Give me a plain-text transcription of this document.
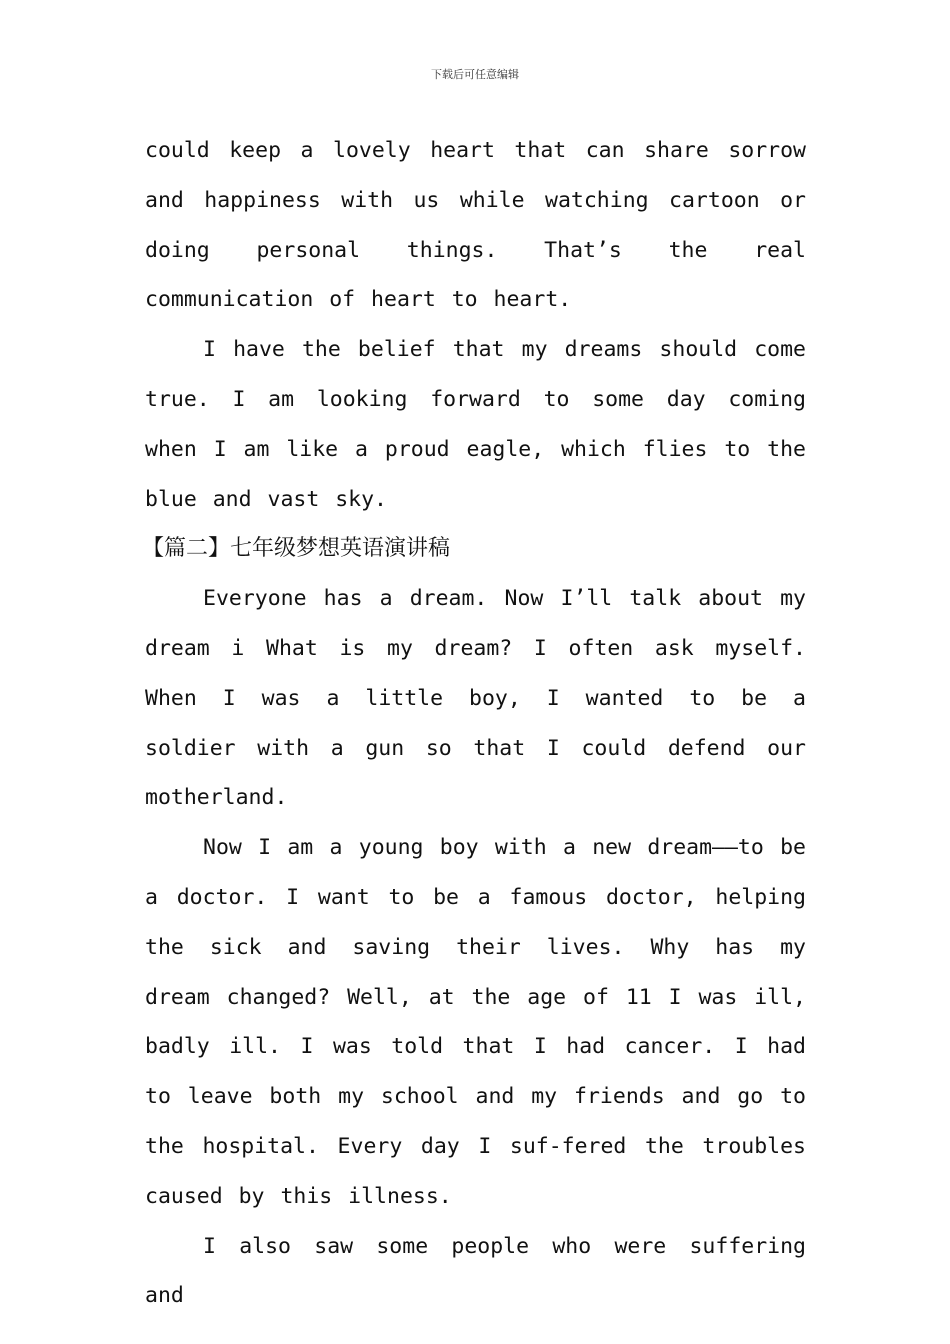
下载后可任意编辑

could keep a lovely heart that can share sorrow and happiness with us while watching cartoon or doing personal things. That’s the real communication of heart to heart.

I have the belief that my dreams should come true. I am looking forward to some day coming when I am like a proud eagle, which flies to the blue and vast sky.

【篇二】七年级梦想英语演讲稿

Everyone has a dream. Now I’ll talk about my dream i What is my dream? I often ask myself. When I was a little boy, I wanted to be a soldier with a gun so that I could defend our motherland.

Now I am a young boy with a new dream——to be a doctor. I want to be a famous doctor, helping the sick and saving their lives. Why has my dream changed? Well, at the age of 11 I was ill, badly ill. I was told that I had cancer. I had to leave both my school and my friends and go to the hospital. Every day I suf-fered the troubles caused by this illness.

I also saw some people who were suffering and
